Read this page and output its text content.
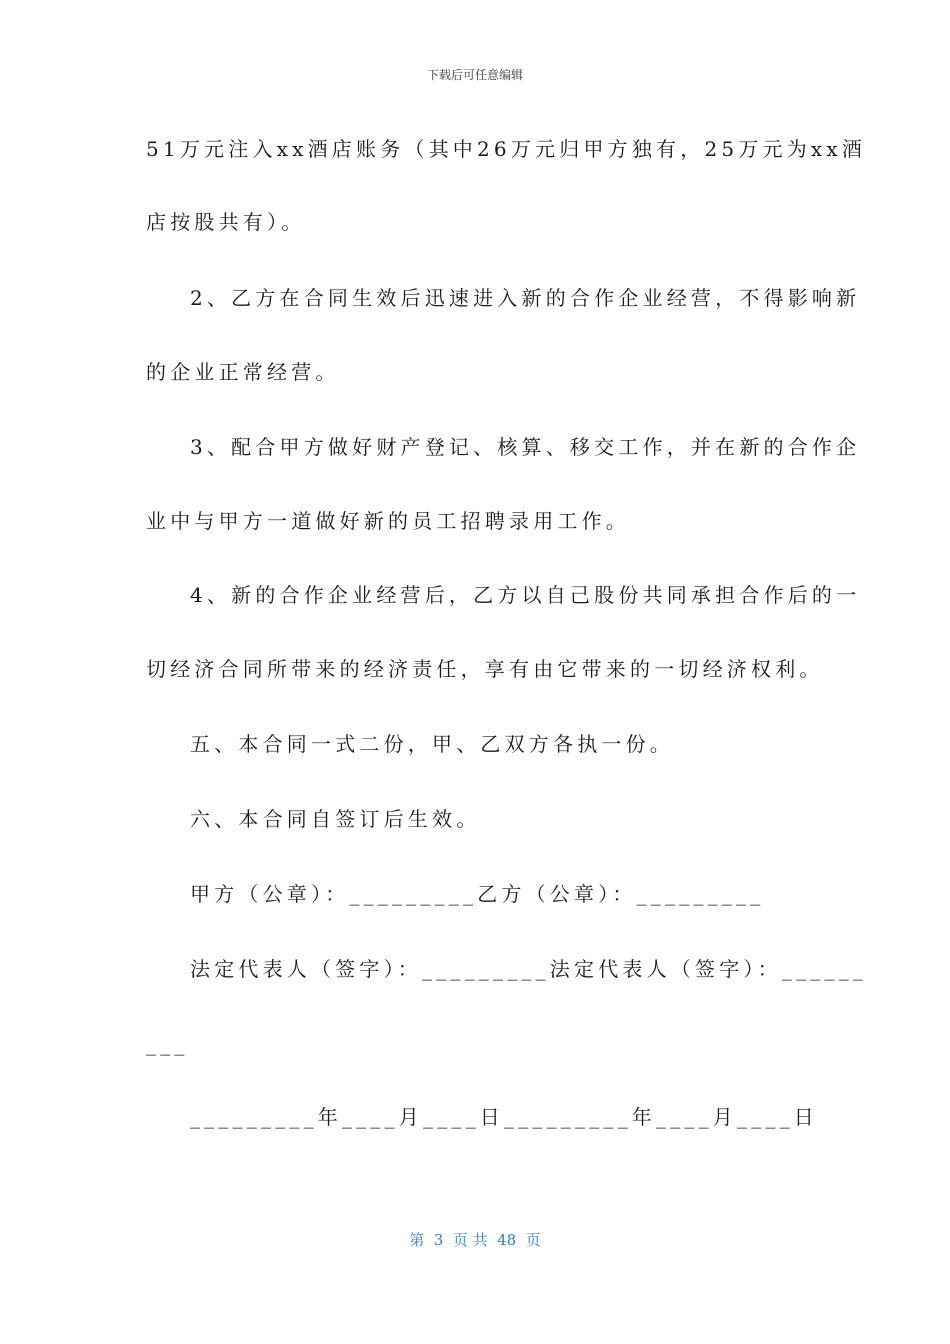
下载后可任意编辑
51万元注入xx酒店账务（其中26万元归甲方独有，25万元为xx酒
店按股共有）。
2、乙方在合同生效后迅速进入新的合作企业经营，不得影响新
的企业正常经营。
3、配合甲方做好财产登记、核算、移交工作，并在新的合作企
业中与甲方一道做好新的员工招聘录用工作。
4、新的合作企业经营后，乙方以自己股份共同承担合作后的一
切经济合同所带来的经济责任，享有由它带来的一切经济权利。
五、本合同一式二份，甲、乙双方各执一份。
六、本合同自签订后生效。
甲方（公章）：_________乙方（公章）：_________
法定代表人（签字）：_________法定代表人（签字）：______
___
_________年____月____日_________年____月____日
第  3  页 共  48  页
